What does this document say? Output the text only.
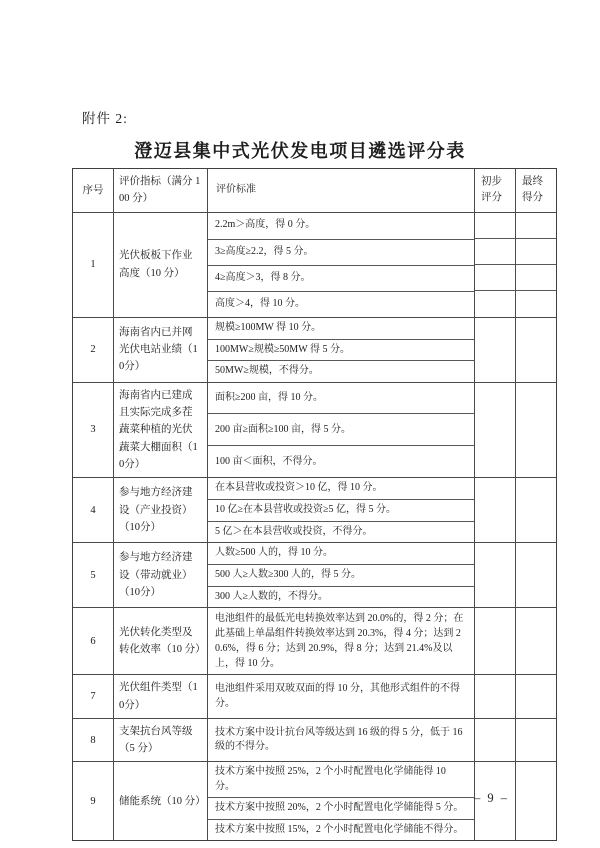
附件 2:
澄迈县集中式光伏发电项目遴选评分表
序号
评价指标（满分 100 分）
评价标准
初步评分
最终得分
1
光伏板板下作业高度（10 分）
2.2m＞高度，得 0 分。
3≥高度≥2.2，得 5 分。
4≥高度＞3，得 8 分。
高度＞4，得 10 分。
2
海南省内已并网光伏电站业绩（10分）
规模≥100MW 得 10 分。
100MW≥规模≥50MW 得 5 分。
50MW≥规模，不得分。
3
海南省内已建成且实际完成多茬蔬菜种植的光伏蔬菜大棚面积（10分）
面积≥200 亩，得 10 分。
200 亩≥面积≥100 亩，得 5 分。
100 亩＜面积，不得分。
4
参与地方经济建设（产业投资）（10分）
在本县营收或投资＞10 亿，得 10 分。
10 亿≥在本县营收或投资≥5 亿，得 5 分。
5 亿＞在本县营收或投资，不得分。
5
参与地方经济建设（带动就业）（10分）
人数≥500 人的，得 10 分。
500 人≥人数≥300 人的，得 5 分。
300 人≥人数的，不得分。
6
光伏转化类型及转化效率（10 分）
电池组件的最低光电转换效率达到 20.0%的，得 2 分；在此基础上单晶组件转换效率达到 20.3%，得 4 分；达到 20.6%，得 6 分；达到 20.9%，得 8 分；达到 21.4%及以上，得 10 分。
7
光伏组件类型（10分）
电池组件采用双玻双面的得 10 分，其他形式组件的不得分。
8
支架抗台风等级（5 分）
技术方案中设计抗台风等级达到 16 级的得 5 分，低于 16 级的不得分。
9	储能系统（10 分）
技术方案中按照 25%，2 个小时配置电化学储能得 10 分。
技术方案中按照 20%，2 个小时配置电化学储能得 5 分。
技术方案中按照 15%，2 个小时配置电化学储能不得分。
– 9 –
